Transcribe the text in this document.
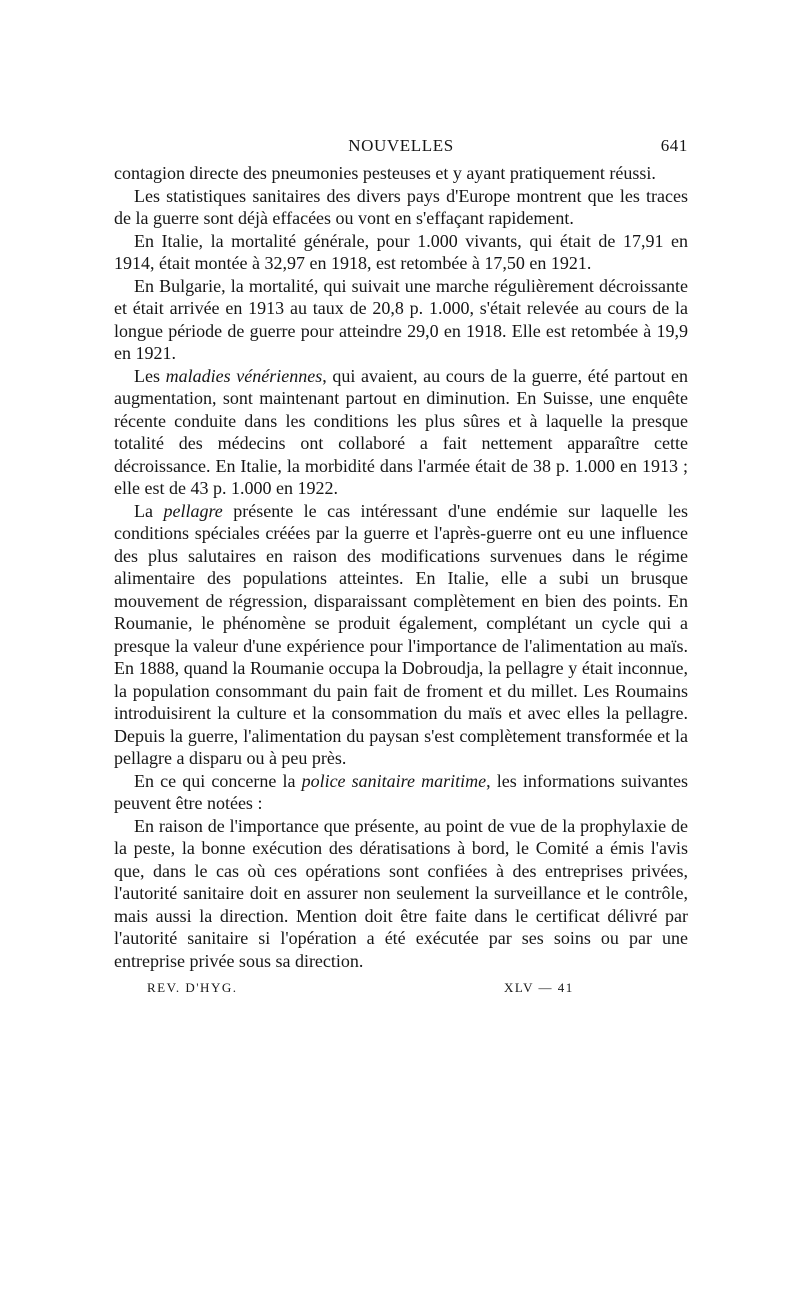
NOUVELLES	641

contagion directe des pneumonies pesteuses et y ayant pratiquement réussi.

Les statistiques sanitaires des divers pays d'Europe montrent que les traces de la guerre sont déjà effacées ou vont en s'effaçant rapidement.

En Italie, la mortalité générale, pour 1.000 vivants, qui était de 17,91 en 1914, était montée à 32,97 en 1918, est retombée à 17,50 en 1921.

En Bulgarie, la mortalité, qui suivait une marche régulièrement décroissante et était arrivée en 1913 au taux de 20,8 p. 1.000, s'était relevée au cours de la longue période de guerre pour atteindre 29,0 en 1918. Elle est retombée à 19,9 en 1921.

Les maladies vénériennes, qui avaient, au cours de la guerre, été partout en augmentation, sont maintenant partout en diminution. En Suisse, une enquête récente conduite dans les conditions les plus sûres et à laquelle la presque totalité des médecins ont collaboré a fait nettement apparaître cette décroissance. En Italie, la morbidité dans l'armée était de 38 p. 1.000 en 1913 ; elle est de 43 p. 1.000 en 1922.

La pellagre présente le cas intéressant d'une endémie sur laquelle les conditions spéciales créées par la guerre et l'après-guerre ont eu une influence des plus salutaires en raison des modifications survenues dans le régime alimentaire des populations atteintes. En Italie, elle a subi un brusque mouvement de régression, disparaissant complètement en bien des points. En Roumanie, le phénomène se produit également, complétant un cycle qui a presque la valeur d'une expérience pour l'importance de l'alimentation au maïs. En 1888, quand la Roumanie occupa la Dobroudja, la pellagre y était inconnue, la population consommant du pain fait de froment et du millet. Les Roumains introduisirent la culture et la consommation du maïs et avec elles la pellagre. Depuis la guerre, l'alimentation du paysan s'est complètement transformée et la pellagre a disparu ou à peu près.

En ce qui concerne la police sanitaire maritime, les informations suivantes peuvent être notées :

En raison de l'importance que présente, au point de vue de la prophylaxie de la peste, la bonne exécution des dératisations à bord, le Comité a émis l'avis que, dans le cas où ces opérations sont confiées à des entreprises privées, l'autorité sanitaire doit en assurer non seulement la surveillance et le contrôle, mais aussi la direction. Mention doit être faite dans le certificat délivré par l'autorité sanitaire si l'opération a été exécutée par ses soins ou par une entreprise privée sous sa direction.

REV. D'HYG.	XLV — 41
